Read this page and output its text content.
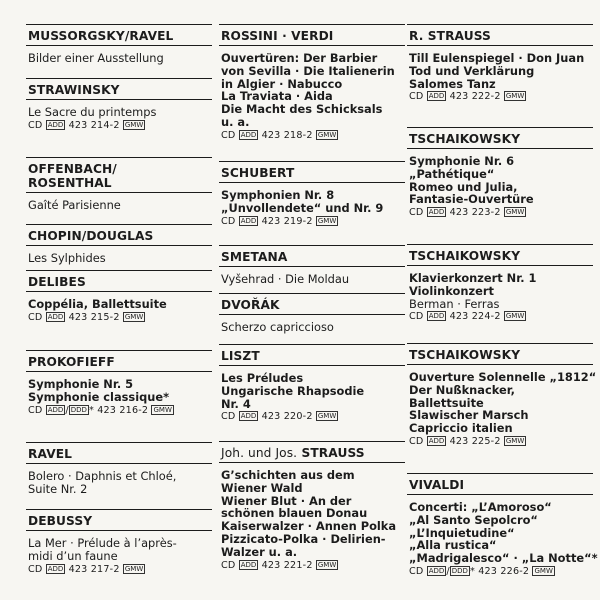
MUSSORGSKY/RAVEL
Bilder einer Ausstellung
STRAWINSKY
Le Sacre du printemps
CD ADD 423 214-2 GMW
OFFENBACH/
ROSENTHAL
Gaîté Parisienne
CHOPIN/DOUGLAS
Les Sylphides
DELIBES
Coppélia, Ballettsuite
CD ADD 423 215-2 GMW
PROKOFIEFF
Symphonie Nr. 5
Symphonie classique*
CD ADD / DDD * 423 216-2 GMW
RAVEL
Bolero · Daphnis et Chloé,
Suite Nr. 2
DEBUSSY
La Mer · Prélude à l’après-
midi d’un faune
CD ADD 423 217-2 GMW
ROSSINI · VERDI
Ouvertüren: Der Barbier
von Sevilla · Die Italienerin
in Algier · Nabucco
La Traviata · Aida
Die Macht des Schicksals
u. a.
CD ADD 423 218-2 GMW
SCHUBERT
Symphonien Nr. 8
„Unvollendete“ und Nr. 9
CD ADD 423 219-2 GMW
SMETANA
Vyšehrad · Die Moldau
DVOŘÁK
Scherzo capriccioso
LISZT
Les Préludes
Ungarische Rhapsodie
Nr. 4
CD ADD 423 220-2 GMW
Joh. und Jos. STRAUSS
G’schichten aus dem
Wiener Wald
Wiener Blut · An der
schönen blauen Donau
Kaiserwalzer · Annen Polka
Pizzicato-Polka · Delirien-
Walzer u. a.
CD ADD 423 221-2 GMW
R. STRAUSS
Till Eulenspiegel · Don Juan
Tod und Verklärung
Salomes Tanz
CD ADD 423 222-2 GMW
TSCHAIKOWSKY
Symphonie Nr. 6
„Pathétique“
Romeo und Julia,
Fantasie-Ouvertüre
CD ADD 423 223-2 GMW
TSCHAIKOWSKY
Klavierkonzert Nr. 1
Violinkonzert
Berman · Ferras
CD ADD 423 224-2 GMW
TSCHAIKOWSKY
Ouverture Solennelle „1812“
Der Nußknacker,
Ballettsuite
Slawischer Marsch
Capriccio italien
CD ADD 423 225-2 GMW
VIVALDI
Concerti: „L’Amoroso“
„Al Santo Sepolcro“
„L’Inquietudine“
„Alla rustica“
„Madrigalesco“ · „La Notte“*
CD ADD / DDD * 423 226-2 GMW
